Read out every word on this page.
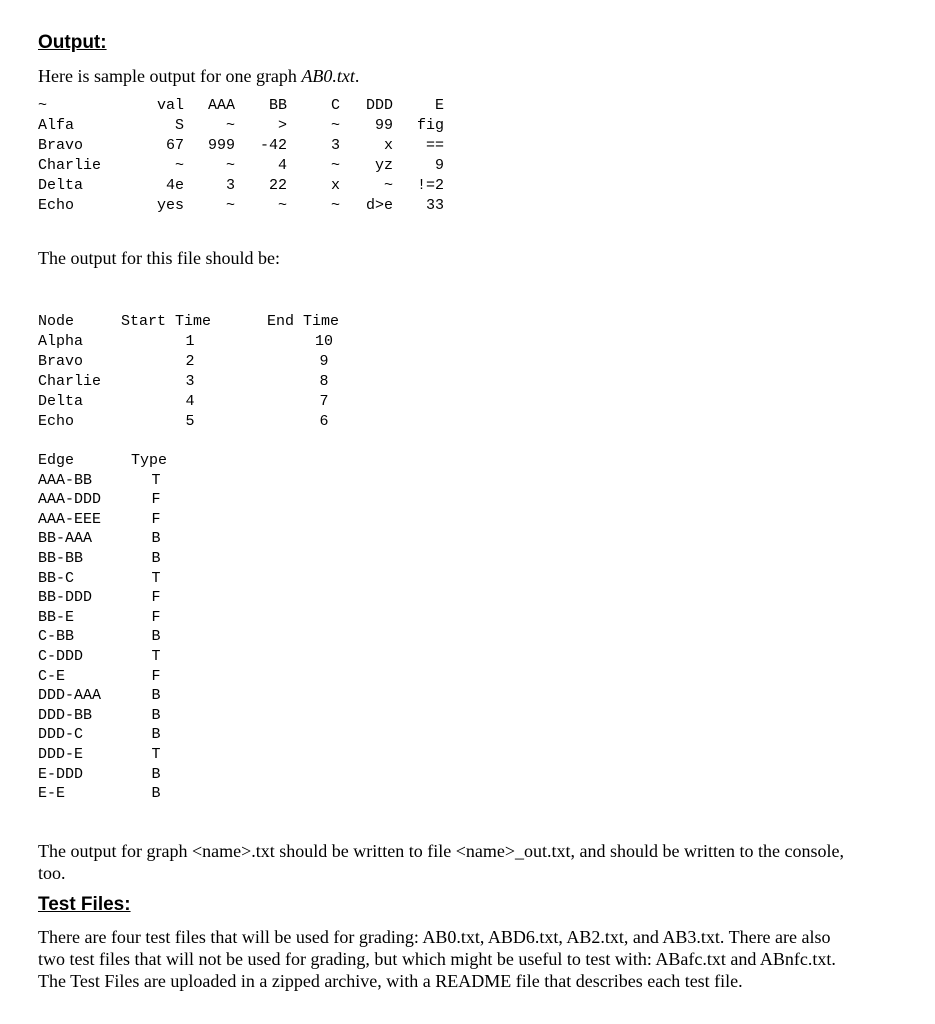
Output:
Here is sample output for one graph AB0.txt.
~	val	AAA	BB	C	DDD	E
Alfa	S	~	>	~	99	fig
Bravo	67	999	-42	3	x	==
Charlie	~	~	4	~	yz	9
Delta	4e	3	22	x	~	!=2
Echo	yes	~	~	~	d>e	33
The output for this file should be:
Node	Start Time	End Time
Alpha	1	10
Bravo	2	9
Charlie	3	8
Delta	4	7
Echo	5	6
Edge	Type
AAA-BB	T
AAA-DDD	F
AAA-EEE	F
BB-AAA	B
BB-BB	B
BB-C	T
BB-DDD	F
BB-E	F
C-BB	B
C-DDD	T
C-E	F
DDD-AAA	B
DDD-BB	B
DDD-C	B
DDD-E	T
E-DDD	B
E-E	B
The output for graph <name>.txt should be written to file <name>_out.txt, and should be written to the console, too.
Test Files:
There are four test files that will be used for grading: AB0.txt, ABD6.txt, AB2.txt, and AB3.txt. There are also two test files that will not be used for grading, but which might be useful to test with: ABafc.txt and ABnfc.txt. The Test Files are uploaded in a zipped archive, with a README file that describes each test file.
